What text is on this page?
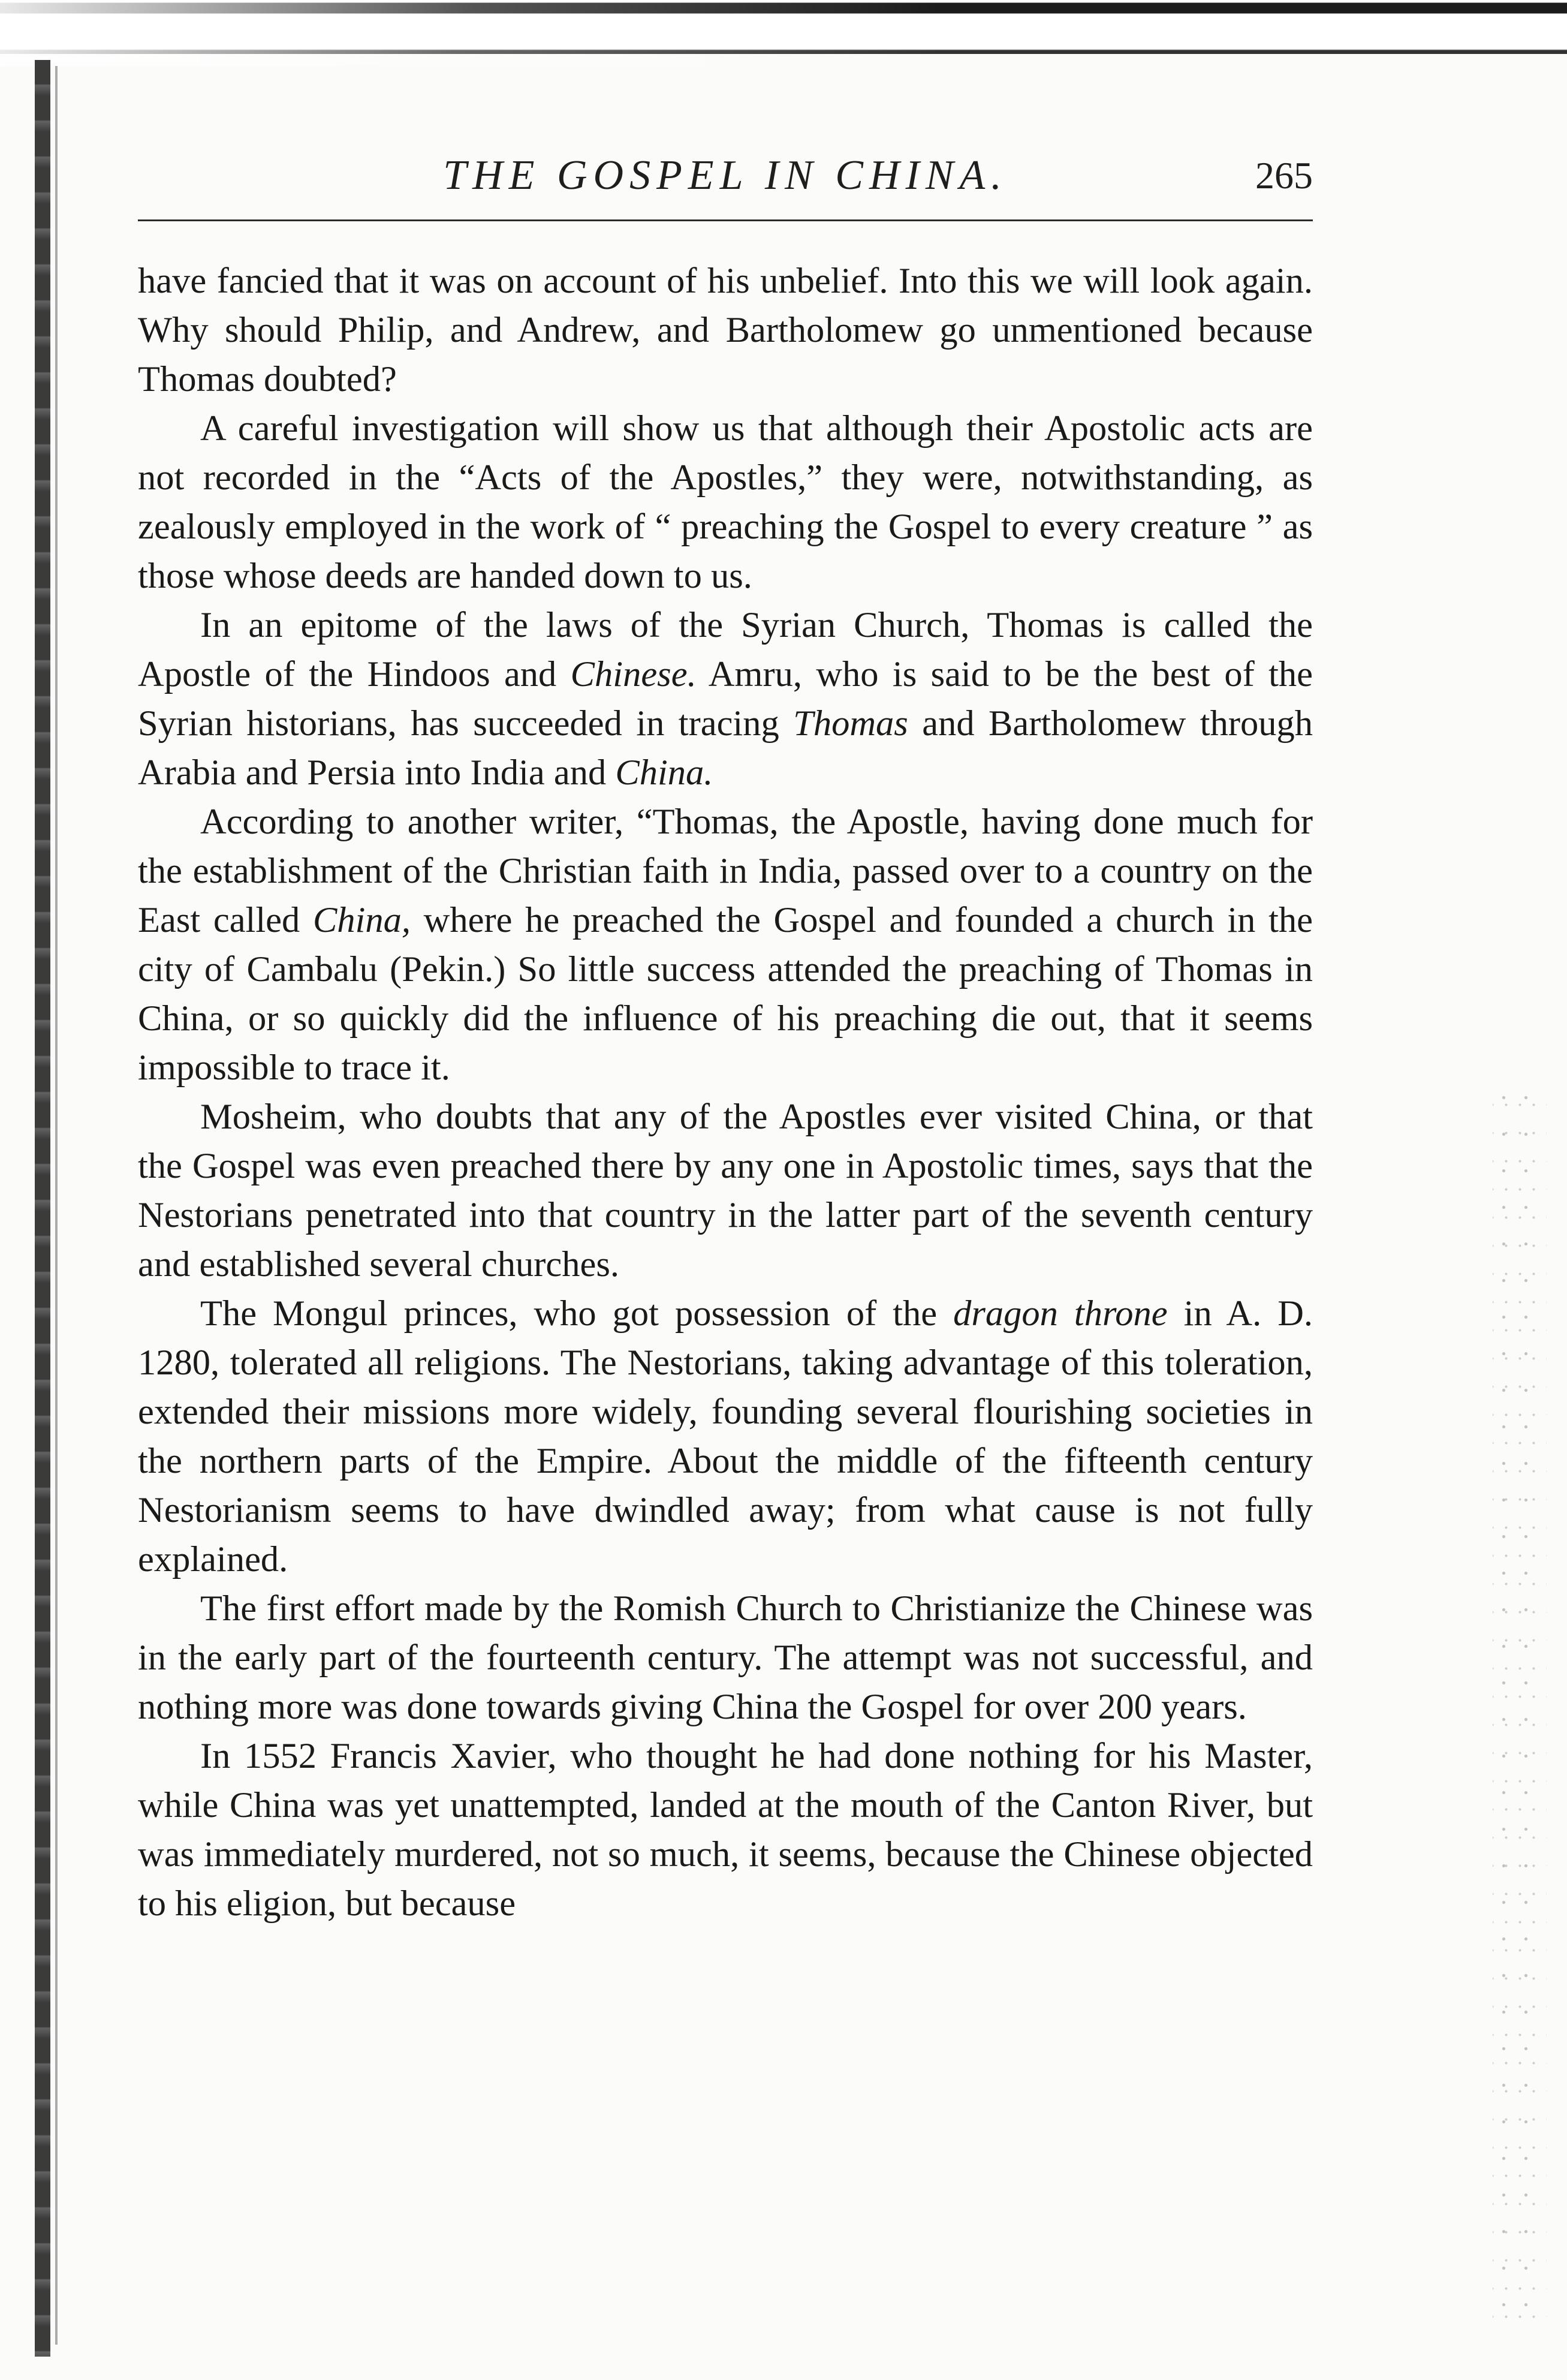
THE GOSPEL IN CHINA.	265

have fancied that it was on account of his unbelief. Into this we will look again. Why should Philip, and Andrew, and Bartholomew go unmentioned because Thomas doubted?

A careful investigation will show us that although their Apostolic acts are not recorded in the “Acts of the Apostles,” they were, notwithstanding, as zealously employed in the work of “ preaching the Gospel to every creature ” as those whose deeds are handed down to us.

In an epitome of the laws of the Syrian Church, Thomas is called the Apostle of the Hindoos and Chinese. Amru, who is said to be the best of the Syrian historians, has succeeded in tracing Thomas and Bartholomew through Arabia and Persia into India and China.

According to another writer, “Thomas, the Apostle, having done much for the establishment of the Christian faith in India, passed over to a country on the East called China, where he preached the Gospel and founded a church in the city of Cambalu (Pekin.) So little success attended the preaching of Thomas in China, or so quickly did the influence of his preaching die out, that it seems impossible to trace it.

Mosheim, who doubts that any of the Apostles ever visited China, or that the Gospel was even preached there by any one in Apostolic times, says that the Nestorians penetrated into that country in the latter part of the seventh century and established several churches.

The Mongul princes, who got possession of the dragon throne in A. D. 1280, tolerated all religions. The Nestorians, taking advantage of this toleration, extended their missions more widely, founding several flourishing societies in the northern parts of the Empire. About the middle of the fifteenth century Nestorianism seems to have dwindled away; from what cause is not fully explained.

The first effort made by the Romish Church to Christianize the Chinese was in the early part of the fourteenth century. The attempt was not successful, and nothing more was done towards giving China the Gospel for over 200 years.

In 1552 Francis Xavier, who thought he had done nothing for his Master, while China was yet unattempted, landed at the mouth of the Canton River, but was immediately murdered, not so much, it seems, because the Chinese objected to his eligion, but because
